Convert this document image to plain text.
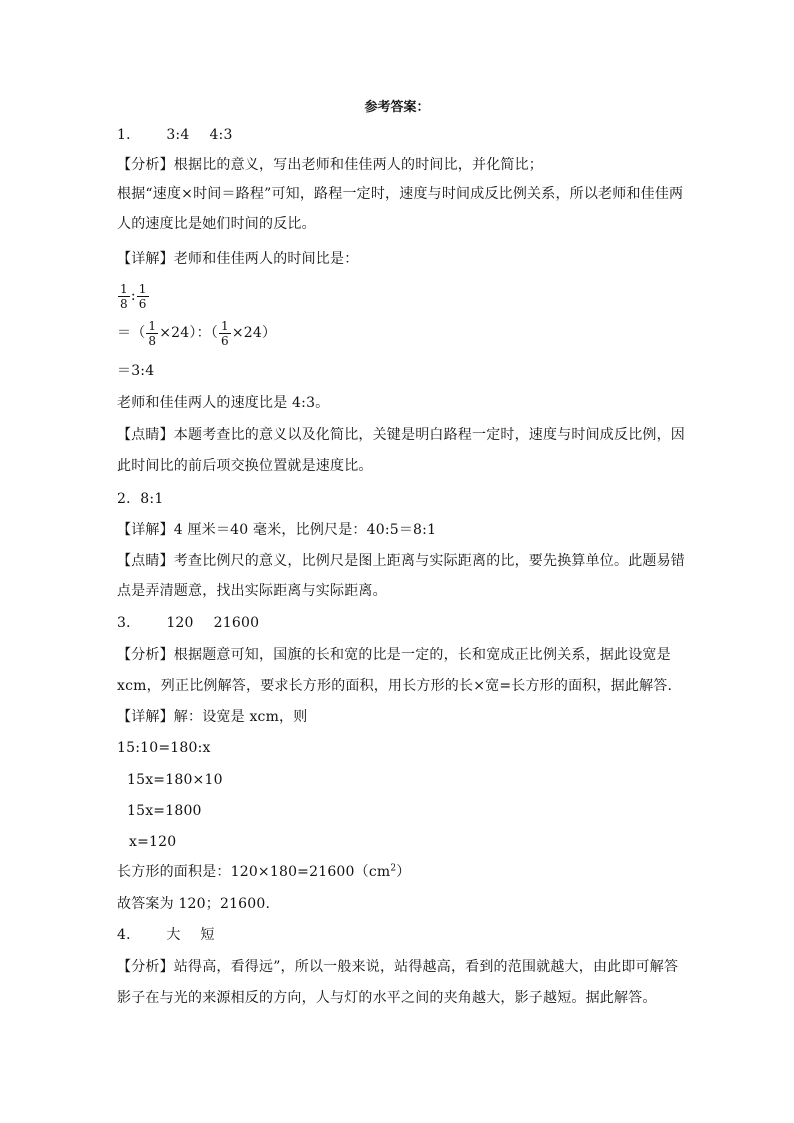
参考答案：
1． 3:4 4:3
【分析】根据比的意义，写出老师和佳佳两人的时间比，并化简比；
根据“速度×时间＝路程”可知，路程一定时，速度与时间成反比例关系，所以老师和佳佳两
人的速度比是她们时间的反比。
【详解】老师和佳佳两人的时间比是：
$\frac{1}{8}$ : $\frac{1}{6}$
＝（ $\frac{1}{8} \times 24$）：（ $\frac{1}{6} \times 24$）
＝3:4
老师和佳佳两人的速度比是 4:3。
【点睛】本题考查比的意义以及化简比，关键是明白路程一定时，速度与时间成反比例，因
此时间比的前后项交换位置就是速度比。
2．8:1
【详解】4 厘米＝40 毫米，比例尺是：40:5＝8:1
【点睛】考查比例尺的意义，比例尺是图上距离与实际距离的比，要先换算单位。此题易错
点是弄清题意，找出实际距离与实际距离。
3． 120 21600
【分析】根据题意可知，国旗的长和宽的比是一定的，长和宽成正比例关系，据此设宽是
xcm，列正比例解答，要求长方形的面积，用长方形的长×宽=长方形的面积，据此解答.
【详解】解：设宽是 xcm，则
15:10=180:x
15x=180×10
15x=1800
x=120
长方形的面积是：$120\times 180=21600(cm^2)$
故答案为 120；21600.
4． 大 短
【分析】站得高，看得远”，所以一般来说，站得越高，看到的范围就越大，由此即可解答
影子在与光的来源相反的方向，人与灯的水平之间的夹角越大，影子越短。据此解答。
